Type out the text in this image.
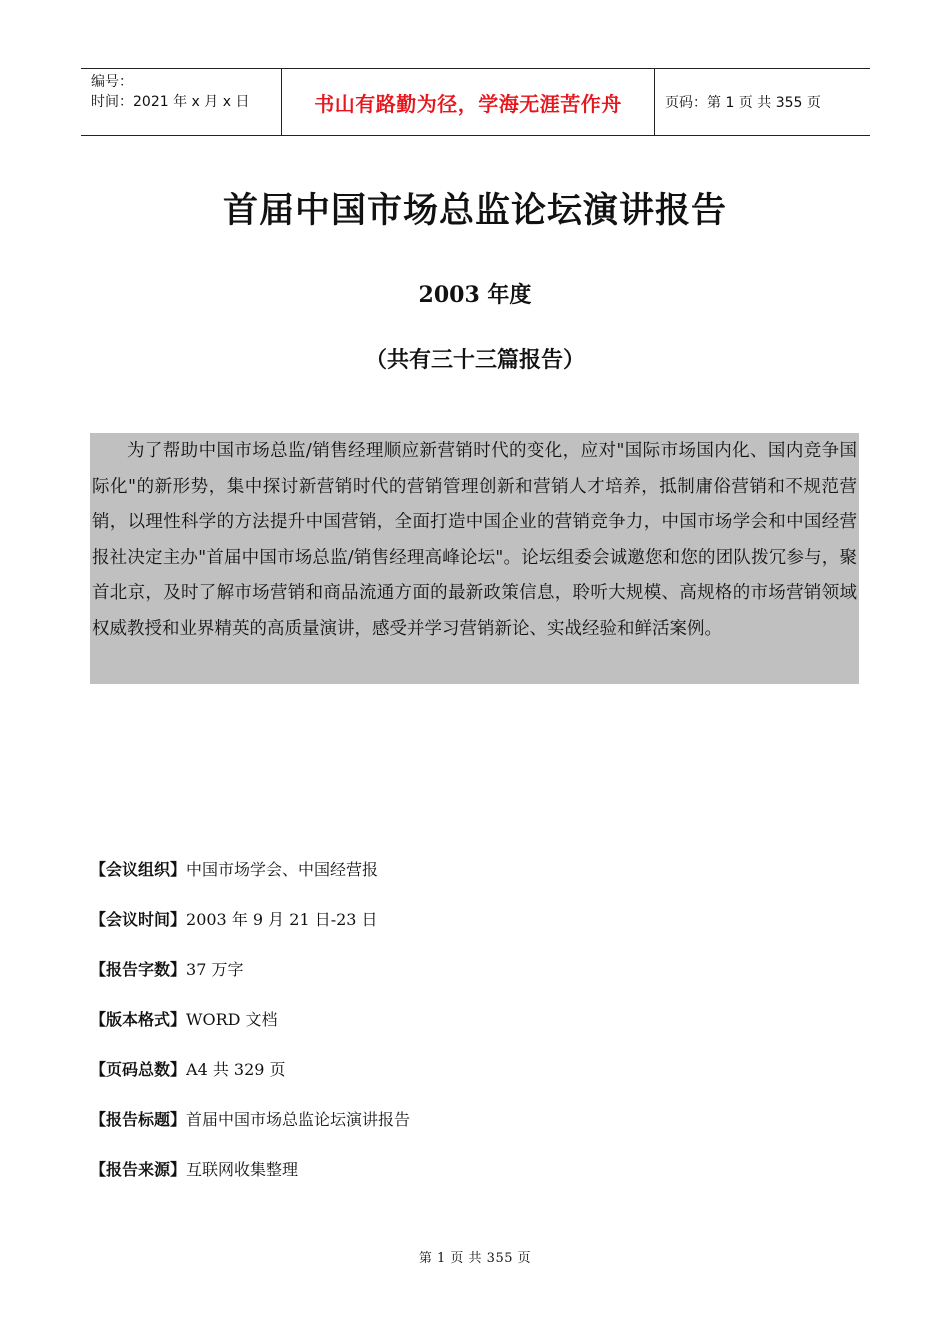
编号：
时间：2021 年 x 月 x 日	书山有路勤为径，学海无涯苦作舟	页码：第 1 页 共 355 页
首届中国市场总监论坛演讲报告
2003 年度
（共有三十三篇报告）
为了帮助中国市场总监/销售经理顺应新营销时代的变化，应对"国际市场国内化、国内竞争国际化"的新形势，集中探讨新营销时代的营销管理创新和营销人才培养，抵制庸俗营销和不规范营销，以理性科学的方法提升中国营销，全面打造中国企业的营销竞争力，中国市场学会和中国经营报社决定主办"首届中国市场总监/销售经理高峰论坛"。论坛组委会诚邀您和您的团队拨冗参与，聚首北京，及时了解市场营销和商品流通方面的最新政策信息，聆听大规模、高规格的市场营销领域权威教授和业界精英的高质量演讲，感受并学习营销新论、实战经验和鲜活案例。
【会议组织】中国市场学会、中国经营报
【会议时间】2003 年 9 月 21 日-23 日
【报告字数】37 万字
【版本格式】WORD 文档
【页码总数】A4 共 329 页
【报告标题】首届中国市场总监论坛演讲报告
【报告来源】互联网收集整理
第 1 页 共 355 页
